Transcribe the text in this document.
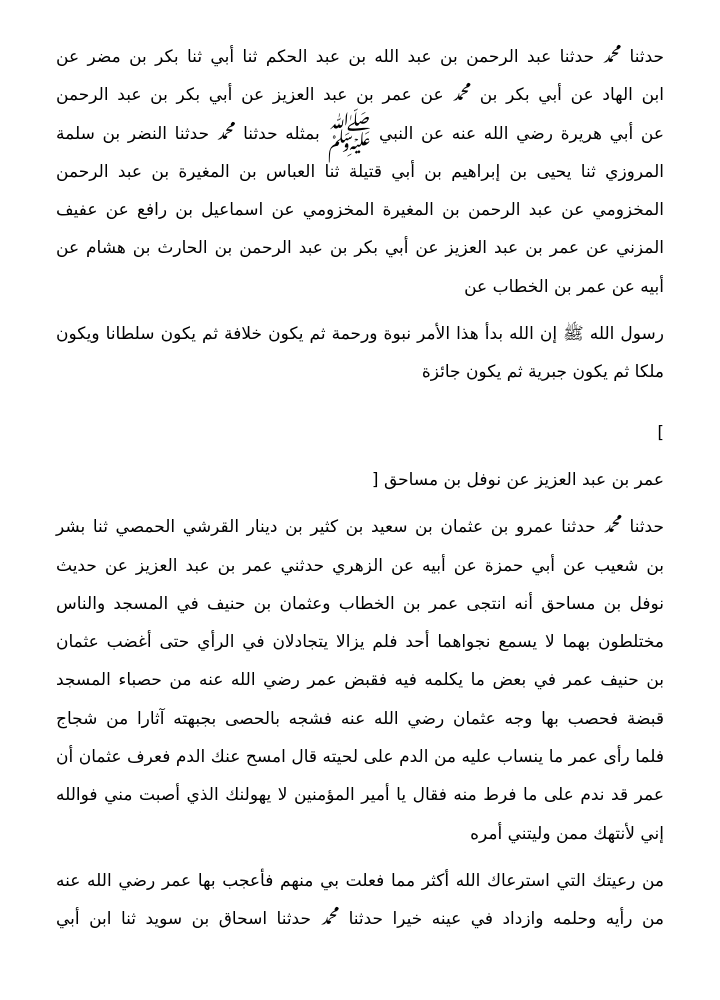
حدثنا ﷴ حدثنا عبد الرحمن بن عبد الله بن عبد الحكم ثنا أبي ثنا بكر بن مضر عن
ابن الهاد عن أبي بكر بن ﷴ عن عمر بن عبد العزيز عن أبي بكر بن عبد الرحمن
عن أبي هريرة رضي الله عنه عن النبي ﷺ بمثله حدثنا ﷴ حدثنا النضر بن سلمة
المروزي ثنا يحيى بن إبراهيم بن أبي قتيلة ثنا العباس بن المغيرة بن عبد الرحمن
المخزومي عن عبد الرحمن بن المغيرة المخزومي عن اسماعيل بن رافع عن عفيف
المزني عن عمر بن عبد العزيز عن أبي بكر بن عبد الرحمن بن الحارث بن هشام عن
أبيه عن عمر بن الخطاب عن
رسول الله ﷺ إن الله بدأ هذا الأمر نبوة ورحمة ثم يكون خلافة ثم يكون سلطانا ويكون
ملكا ثم يكون جبرية ثم يكون جائزة
]
عمر بن عبد العزيز عن نوفل بن مساحق [
حدثنا ﷴ حدثنا عمرو بن عثمان بن سعيد بن كثير بن دينار القرشي الحمصي ثنا بشر
بن شعيب عن أبي حمزة عن أبيه عن الزهري حدثني عمر بن عبد العزيز عن حديث
نوفل بن مساحق أنه انتجى عمر بن الخطاب وعثمان بن حنيف في المسجد والناس
مختلطون بهما لا يسمع نجواهما أحد فلم يزالا يتجادلان في الرأي حتى أغضب عثمان
بن حنيف عمر في بعض ما يكلمه فيه فقبض عمر رضي الله عنه من حصباء المسجد
قبضة فحصب بها وجه عثمان رضي الله عنه فشجه بالحصى بجبهته آثارا من شجاج
فلما رأى عمر ما ينساب عليه من الدم على لحيته قال امسح عنك الدم فعرف عثمان أن
عمر قد ندم على ما فرط منه فقال يا أمير المؤمنين لا يهولنك الذي أصبت مني فوالله
إني لأنتهك ممن وليتني أمره
من رعيتك التي استرعاك الله أكثر مما فعلت بي منهم فأعجب بها عمر رضي الله عنه
من رأيه وحلمه وازداد في عينه خيرا حدثنا ﷴ حدثنا اسحاق بن سويد ثنا ابن أبي
